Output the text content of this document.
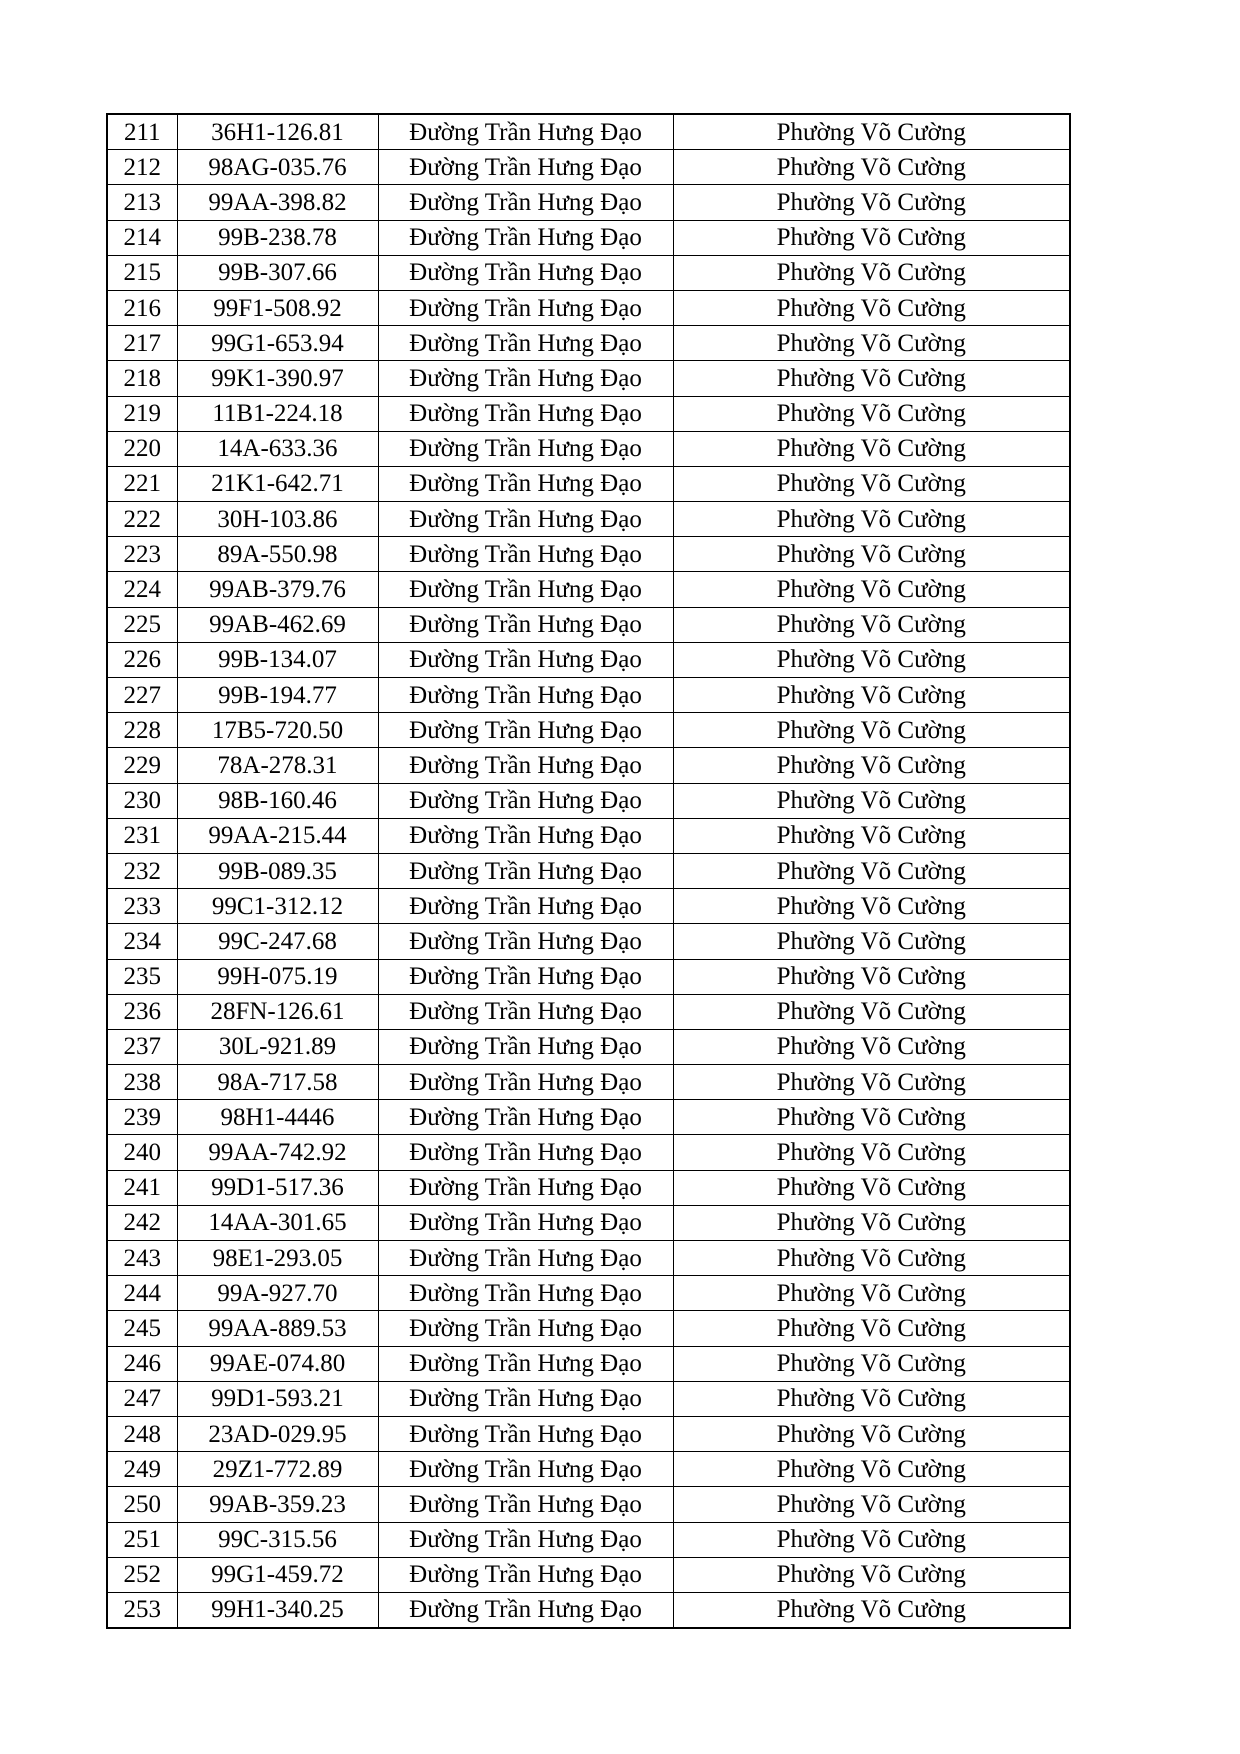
211	36H1-126.81	Đường Trần Hưng Đạo	Phường Võ Cường
212	98AG-035.76	Đường Trần Hưng Đạo	Phường Võ Cường
213	99AA-398.82	Đường Trần Hưng Đạo	Phường Võ Cường
214	99B-238.78	Đường Trần Hưng Đạo	Phường Võ Cường
215	99B-307.66	Đường Trần Hưng Đạo	Phường Võ Cường
216	99F1-508.92	Đường Trần Hưng Đạo	Phường Võ Cường
217	99G1-653.94	Đường Trần Hưng Đạo	Phường Võ Cường
218	99K1-390.97	Đường Trần Hưng Đạo	Phường Võ Cường
219	11B1-224.18	Đường Trần Hưng Đạo	Phường Võ Cường
220	14A-633.36	Đường Trần Hưng Đạo	Phường Võ Cường
221	21K1-642.71	Đường Trần Hưng Đạo	Phường Võ Cường
222	30H-103.86	Đường Trần Hưng Đạo	Phường Võ Cường
223	89A-550.98	Đường Trần Hưng Đạo	Phường Võ Cường
224	99AB-379.76	Đường Trần Hưng Đạo	Phường Võ Cường
225	99AB-462.69	Đường Trần Hưng Đạo	Phường Võ Cường
226	99B-134.07	Đường Trần Hưng Đạo	Phường Võ Cường
227	99B-194.77	Đường Trần Hưng Đạo	Phường Võ Cường
228	17B5-720.50	Đường Trần Hưng Đạo	Phường Võ Cường
229	78A-278.31	Đường Trần Hưng Đạo	Phường Võ Cường
230	98B-160.46	Đường Trần Hưng Đạo	Phường Võ Cường
231	99AA-215.44	Đường Trần Hưng Đạo	Phường Võ Cường
232	99B-089.35	Đường Trần Hưng Đạo	Phường Võ Cường
233	99C1-312.12	Đường Trần Hưng Đạo	Phường Võ Cường
234	99C-247.68	Đường Trần Hưng Đạo	Phường Võ Cường
235	99H-075.19	Đường Trần Hưng Đạo	Phường Võ Cường
236	28FN-126.61	Đường Trần Hưng Đạo	Phường Võ Cường
237	30L-921.89	Đường Trần Hưng Đạo	Phường Võ Cường
238	98A-717.58	Đường Trần Hưng Đạo	Phường Võ Cường
239	98H1-4446	Đường Trần Hưng Đạo	Phường Võ Cường
240	99AA-742.92	Đường Trần Hưng Đạo	Phường Võ Cường
241	99D1-517.36	Đường Trần Hưng Đạo	Phường Võ Cường
242	14AA-301.65	Đường Trần Hưng Đạo	Phường Võ Cường
243	98E1-293.05	Đường Trần Hưng Đạo	Phường Võ Cường
244	99A-927.70	Đường Trần Hưng Đạo	Phường Võ Cường
245	99AA-889.53	Đường Trần Hưng Đạo	Phường Võ Cường
246	99AE-074.80	Đường Trần Hưng Đạo	Phường Võ Cường
247	99D1-593.21	Đường Trần Hưng Đạo	Phường Võ Cường
248	23AD-029.95	Đường Trần Hưng Đạo	Phường Võ Cường
249	29Z1-772.89	Đường Trần Hưng Đạo	Phường Võ Cường
250	99AB-359.23	Đường Trần Hưng Đạo	Phường Võ Cường
251	99C-315.56	Đường Trần Hưng Đạo	Phường Võ Cường
252	99G1-459.72	Đường Trần Hưng Đạo	Phường Võ Cường
253	99H1-340.25	Đường Trần Hưng Đạo	Phường Võ Cường
